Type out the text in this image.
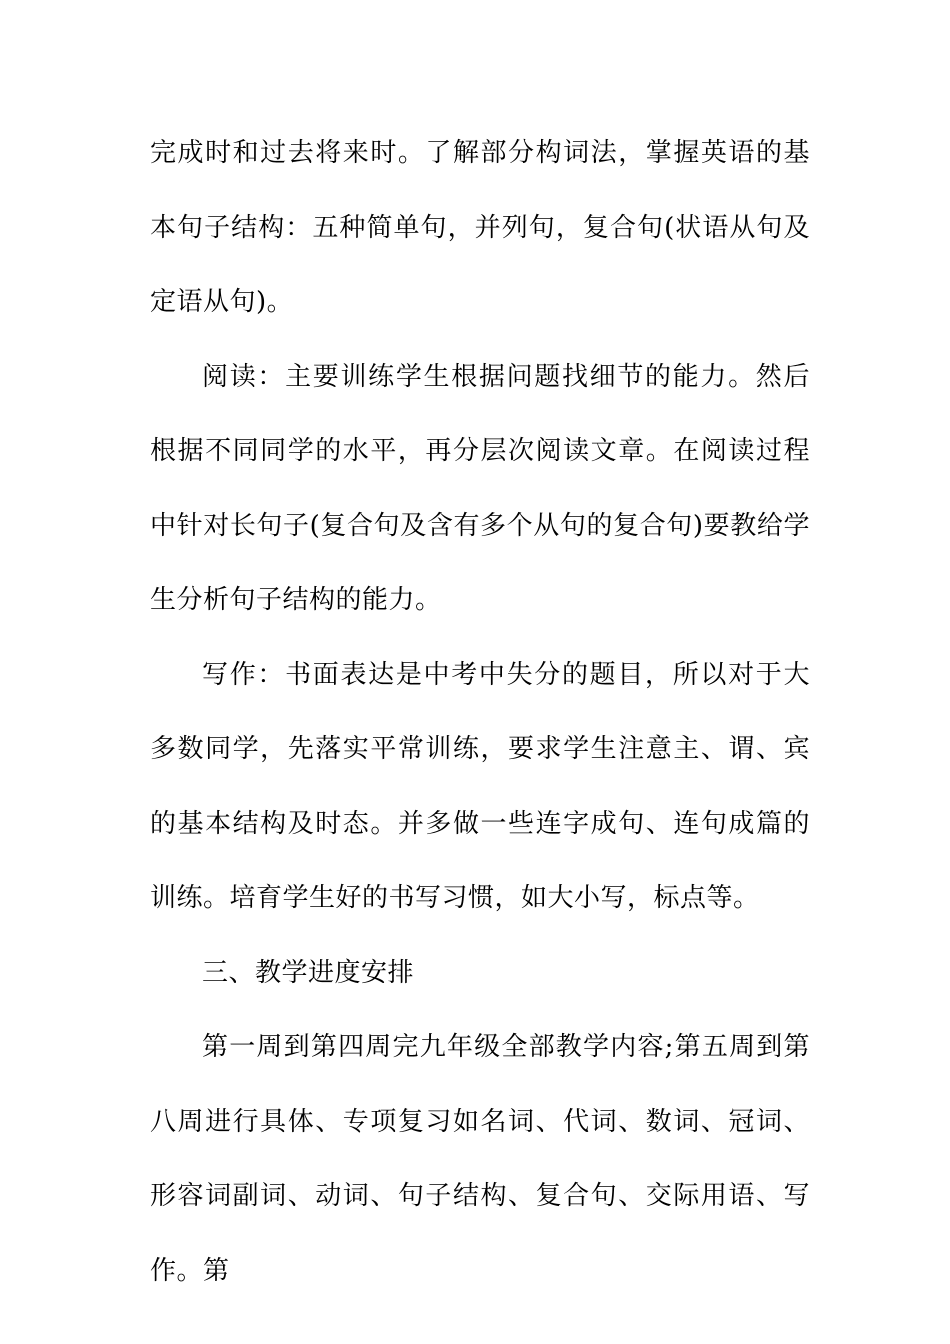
完成时和过去将来时。了解部分构词法，掌握英语的基本句子结构：五种简单句，并列句，复合句(状语从句及定语从句)。

阅读：主要训练学生根据问题找细节的能力。然后根据不同同学的水平，再分层次阅读文章。在阅读过程中针对长句子(复合句及含有多个从句的复合句)要教给学生分析句子结构的能力。

写作：书面表达是中考中失分的题目，所以对于大多数同学，先落实平常训练，要求学生注意主、谓、宾的基本结构及时态。并多做一些连字成句、连句成篇的训练。培育学生好的书写习惯，如大小写，标点等。

三、教学进度安排

第一周到第四周完九年级全部教学内容;第五周到第八周进行具体、专项复习如名词、代词、数词、冠词、形容词副词、动词、句子结构、复合句、交际用语、写作。第
